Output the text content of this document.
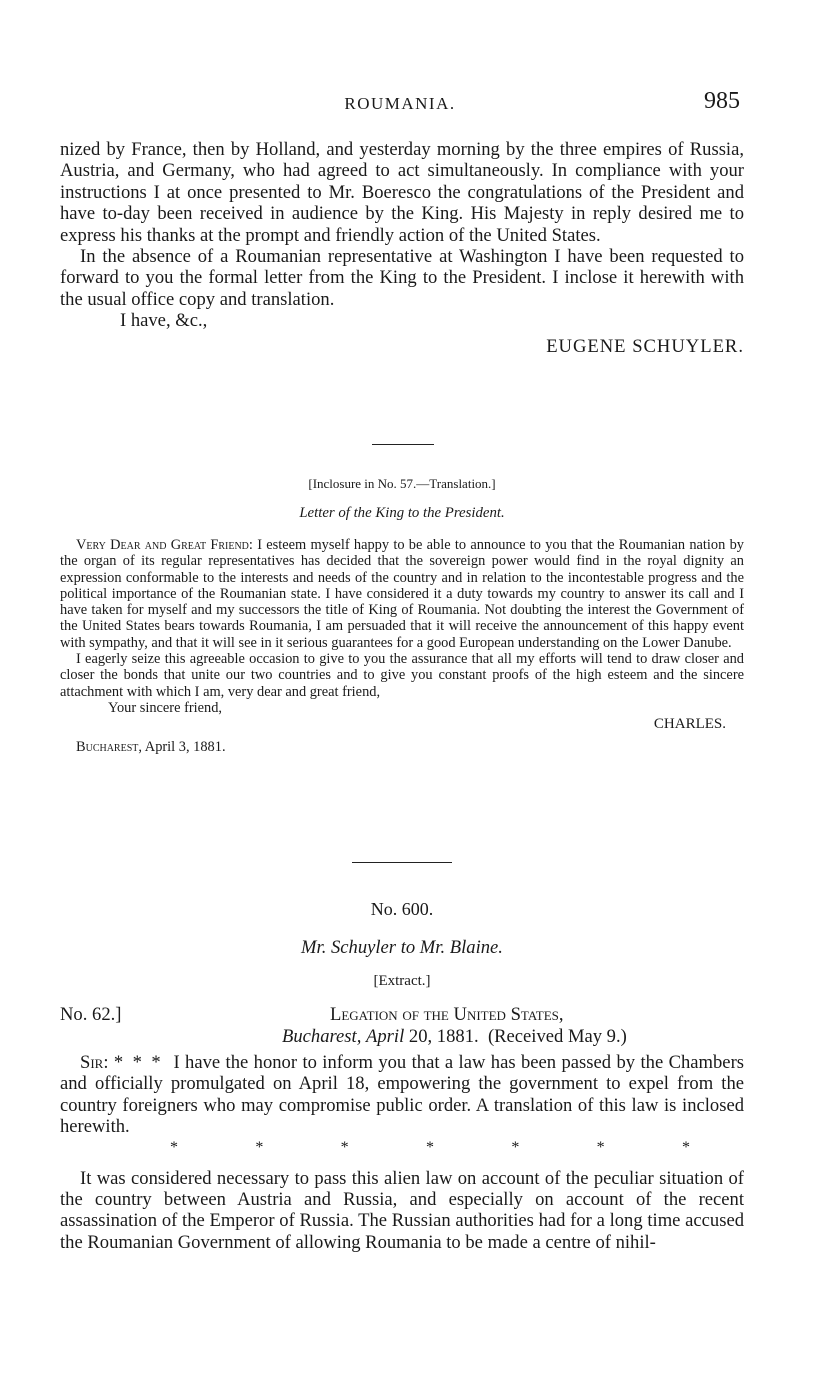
ROUMANIA.	985

nized by France, then by Holland, and yesterday morning by the three empires of Russia, Austria, and Germany, who had agreed to act simultaneously. In compliance with your instructions I at once presented to Mr. Boeresco the congratulations of the President and have to-day been received in audience by the King. His Majesty in reply desired me to express his thanks at the prompt and friendly action of the United States.

In the absence of a Roumanian representative at Washington I have been requested to forward to you the formal letter from the King to the President. I inclose it herewith with the usual office copy and translation.

I have, &c.,
EUGENE SCHUYLER.
[Inclosure in No. 57.—Translation.]
Letter of the King to the President.

Very Dear and Great Friend: I esteem myself happy to be able to announce to you that the Roumanian nation by the organ of its regular representatives has decided that the sovereign power would find in the royal dignity an expression conformable to the interests and needs of the country and in relation to the incontestable progress and the political importance of the Roumanian state. I have considered it a duty towards my country to answer its call and I have taken for myself and my successors the title of King of Roumania. Not doubting the interest the Government of the United States bears towards Roumania, I am persuaded that it will receive the announcement of this happy event with sympathy, and that it will see in it serious guarantees for a good European understanding on the Lower Danube.

I eagerly seize this agreeable occasion to give to you the assurance that all my efforts will tend to draw closer and closer the bonds that unite our two countries and to give you constant proofs of the high esteem and the sincere attachment with which I am, very dear and great friend,

Your sincere friend,
CHARLES.
Bucharest, April 3, 1881.
No. 600.
Mr. Schuyler to Mr. Blaine.
[Extract.]
No. 62.]	Legation of the United States,
Bucharest, April 20, 1881. (Received May 9.)

Sir: * * * I have the honor to inform you that a law has been passed by the Chambers and officially promulgated on April 18, empowering the government to expel from the country foreigners who may compromise public order. A translation of this law is inclosed herewith.

*	*	*	*	*	*	*

It was considered necessary to pass this alien law on account of the peculiar situation of the country between Austria and Russia, and especially on account of the recent assassination of the Emperor of Russia. The Russian authorities had for a long time accused the Roumanian Government of allowing Roumania to be made a centre of nihil-
